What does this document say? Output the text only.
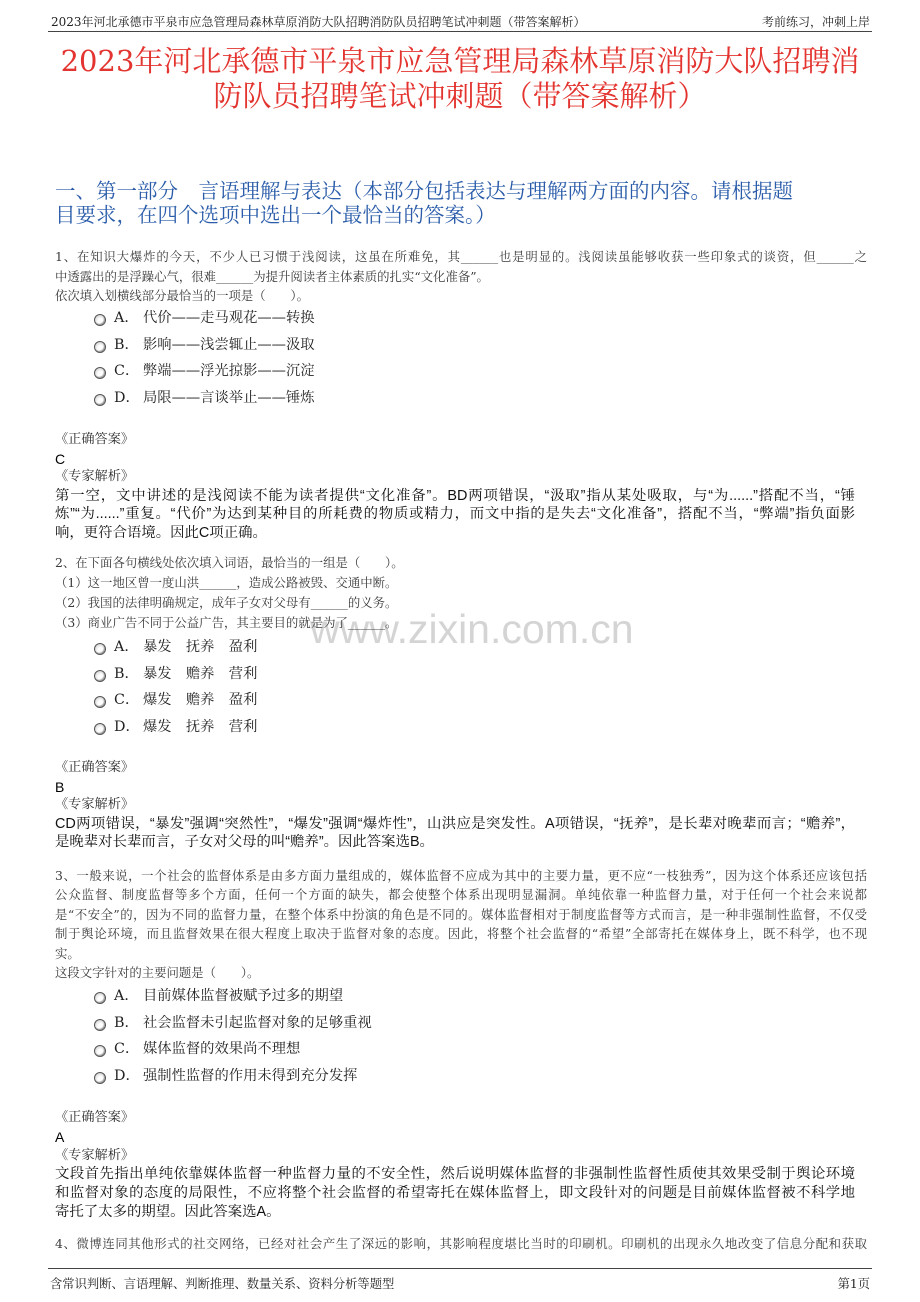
www.zixin.com.cn
2023年河北承德市平泉市应急管理局森林草原消防大队招聘消防队员招聘笔试冲刺题（带答案解析）	考前练习，冲刺上岸
2023年河北承德市平泉市应急管理局森林草原消防大队招聘消
防队员招聘笔试冲刺题（带答案解析）
一、第一部分　言语理解与表达（本部分包括表达与理解两方面的内容。请根据题
目要求，在四个选项中选出一个最恰当的答案。）
1、在知识大爆炸的今天，不少人已习惯于浅阅读，这虽在所难免，其______也是明显的。浅阅读虽能够收获一些印象式的谈资，但______之
中透露出的是浮躁心气，很难______为提升阅读者主体素质的扎实“文化准备”。
依次填入划横线部分最恰当的一项是（　　）。
A． 代价——走马观花——转换
B． 影响——浅尝辄止——汲取
C． 弊端——浮光掠影——沉淀
D． 局限——言谈举止——锤炼
《正确答案》
C
《专家解析》
第一空，文中讲述的是浅阅读不能为读者提供“文化准备”。BD两项错误，“汲取”指从某处吸取，与“为......”搭配不当，“锤
炼”“为......”重复。“代价”为达到某种目的所耗费的物质或精力，而文中指的是失去“文化准备”，搭配不当，“弊端”指负面影
响，更符合语境。因此C项正确。
2、在下面各句横线处依次填入词语，最恰当的一组是（　　）。
（1）这一地区曾一度山洪______，造成公路被毁、交通中断。
（2）我国的法律明确规定，成年子女对父母有______的义务。
（3）商业广告不同于公益广告，其主要目的就是为了______。
A． 暴发　抚养　盈利
B． 暴发　赡养　营利
C． 爆发　赡养　盈利
D． 爆发　抚养　营利
《正确答案》
B
《专家解析》
CD两项错误，“暴发”强调“突然性”，“爆发”强调“爆炸性”，山洪应是突发性。A项错误，“抚养”，是长辈对晚辈而言；“赡养”，
是晚辈对长辈而言，子女对父母的叫“赡养”。因此答案选B。
3、一般来说，一个社会的监督体系是由多方面力量组成的，媒体监督不应成为其中的主要力量，更不应“一枝独秀”，因为这个体系还应该包括
公众监督、制度监督等多个方面，任何一个方面的缺失，都会使整个体系出现明显漏洞。单纯依靠一种监督力量，对于任何一个社会来说都
是“不安全”的，因为不同的监督力量，在整个体系中扮演的角色是不同的。媒体监督相对于制度监督等方式而言，是一种非强制性监督，不仅受
制于舆论环境，而且监督效果在很大程度上取决于监督对象的态度。因此，将整个社会监督的“希望”全部寄托在媒体身上，既不科学，也不现
实。
这段文字针对的主要问题是（　　）。
A． 目前媒体监督被赋予过多的期望
B． 社会监督未引起监督对象的足够重视
C． 媒体监督的效果尚不理想
D． 强制性监督的作用未得到充分发挥
《正确答案》
A
《专家解析》
文段首先指出单纯依靠媒体监督一种监督力量的不安全性，然后说明媒体监督的非强制性监督性质使其效果受制于舆论环境
和监督对象的态度的局限性，不应将整个社会监督的希望寄托在媒体监督上，即文段针对的问题是目前媒体监督被不科学地
寄托了太多的期望。因此答案选A。
4、微博连同其他形式的社交网络，已经对社会产生了深远的影响，其影响程度堪比当时的印刷机。印刷机的出现永久地改变了信息分配和获取
含常识判断、言语理解、判断推理、数量关系、资料分析等题型	第1页
